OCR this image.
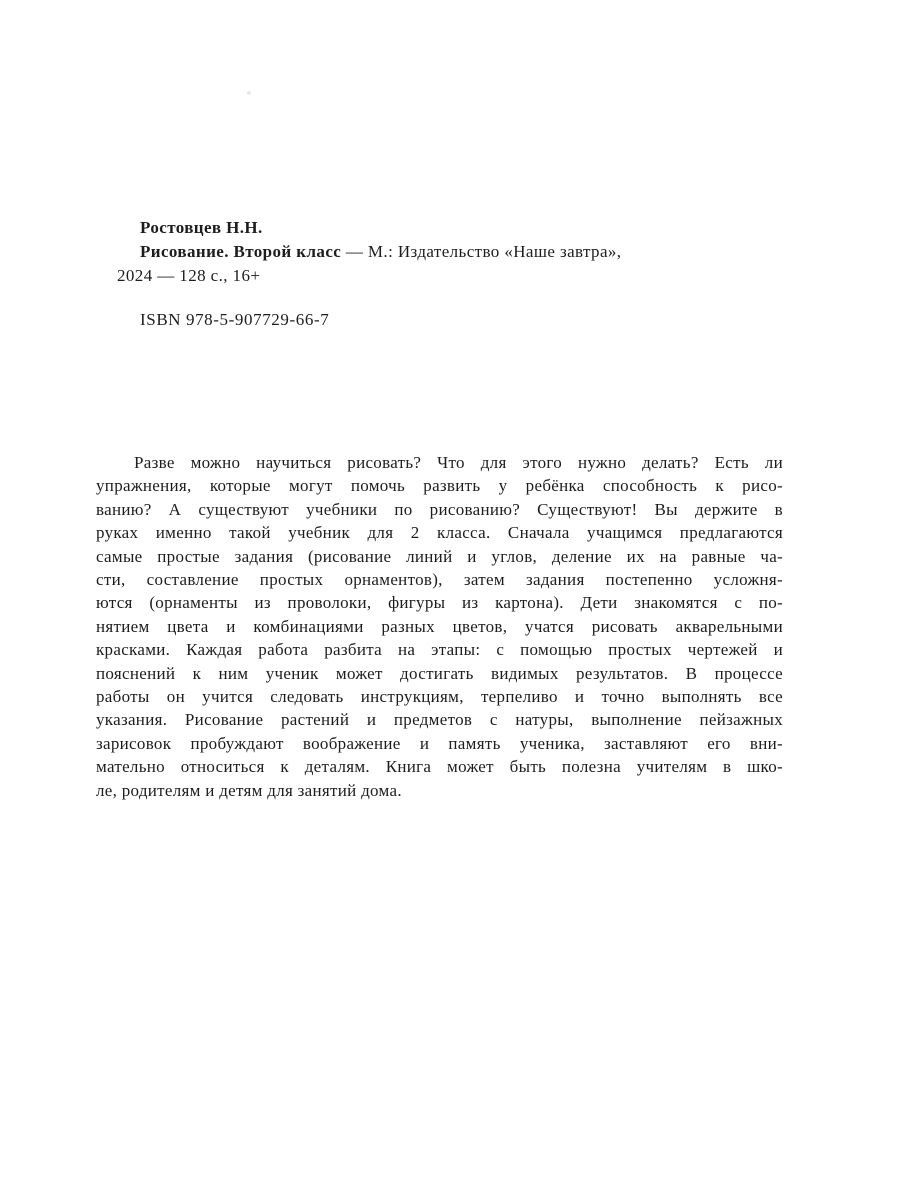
Ростовцев Н.Н.
Рисование. Второй класс — М.: Издательство «Наше завтра»,
2024 — 128 с., 16+
ISBN 978-5-907729-66-7
Разве можно научиться рисовать? Что для этого нужно делать? Есть ли
упражнения, которые могут помочь развить у ребёнка способность к рисо-
ванию? А существуют учебники по рисованию? Существуют! Вы держите в
руках именно такой учебник для 2 класса. Сначала учащимся предлагаются
самые простые задания (рисование линий и углов, деление их на равные ча-
сти, составление простых орнаментов), затем задания постепенно усложня-
ются (орнаменты из проволоки, фигуры из картона). Дети знакомятся с по-
нятием цвета и комбинациями разных цветов, учатся рисовать акварельными
красками. Каждая работа разбита на этапы: с помощью простых чертежей и
пояснений к ним ученик может достигать видимых результатов. В процессе
работы он учится следовать инструкциям, терпеливо и точно выполнять все
указания. Рисование растений и предметов с натуры, выполнение пейзажных
зарисовок пробуждают воображение и память ученика, заставляют его вни-
мательно относиться к деталям. Книга может быть полезна учителям в шко-
ле, родителям и детям для занятий дома.
